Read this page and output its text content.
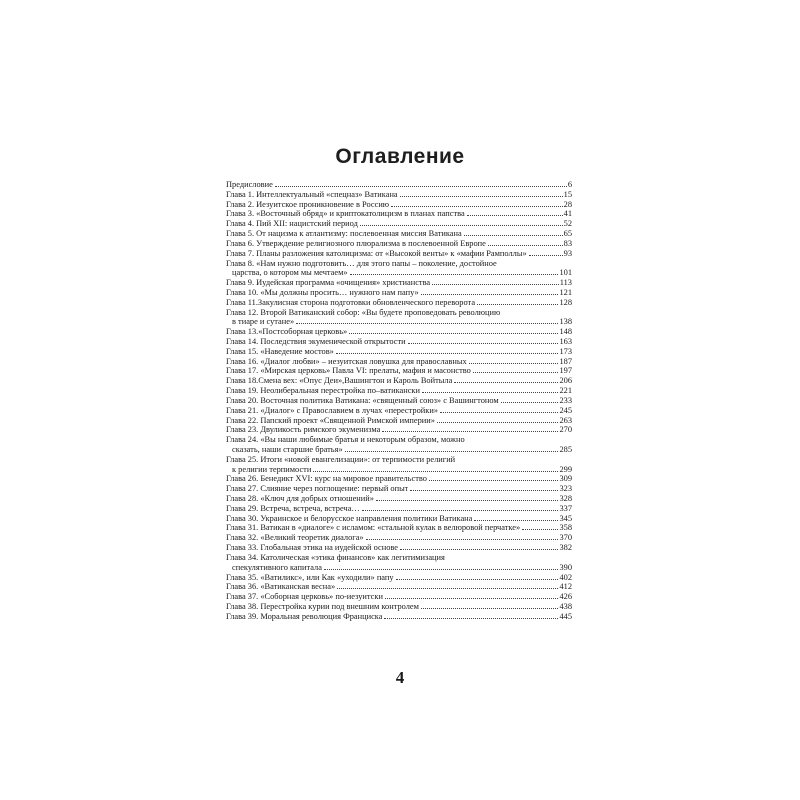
Оглавление
Предисловие	6
Глава 1. Интеллектуальный «спецназ» Ватикана	15
Глава 2. Иезуитское проникновение в Россию	28
Глава 3. «Восточный обряд» и криптокатолицизм в планах папства	41
Глава 4. Пий XII: нацистский период	52
Глава 5. От нацизма к атлантизму: послевоенная миссия Ватикана	65
Глава 6. Утверждение религиозного плюрализма в послевоенной Европе	83
Глава 7. Планы разложения католицизма: от «Высокой венты» к «мафии Рамполлы»	93
Глава 8. «Нам нужно подготовить… для этого папы – поколение, достойное
царства, о котором мы мечтаем»	101
Глава 9. Иудейская программа «очищения» христианства	113
Глава 10. «Мы должны просить… нужного нам папу»	121
Глава 11.Закулисная сторона подготовки обновленческого переворота	128
Глава 12. Второй Ватиканский собор: «Вы будете проповедовать революцию
в тиаре и сутане»	138
Глава 13.«Постсоборная церковь»	148
Глава 14. Последствия экуменической открытости	163
Глава 15. «Наведение мостов»	173
Глава 16. «Диалог любви» – иезуитская ловушка для православных	187
Глава 17. «Мирская церковь» Павла VI: прелаты, мафия и масонство	197
Глава 18.Смена вех: «Опус Деи»,Вашингтон и Кароль Войтыла	206
Глава 19. Неолиберальная перестройка по–ватикански	221
Глава 20. Восточная политика Ватикана: «священный союз» с Вашингтоном	233
Глава 21. «Диалог» с Православием в лучах «перестройки»	245
Глава 22. Папский проект «Священной Римской империи»	263
Глава 23. Двуликость римского экуменизма	270
Глава 24. «Вы наши любимые братья и некоторым образом, можно
сказать, наши старшие братья»	285
Глава 25. Итоги «новой евангелизации»: от терпимости религий
к религии терпимости	299
Глава 26. Бенедикт XVI: курс на мировое правительство	309
Глава 27. Слияние через поглощение: первый опыт	323
Глава 28. «Ключ для добрых отношений»	328
Глава 29. Встреча, встреча, встреча…	337
Глава 30. Украинское и белорусское направления политики Ватикана	345
Глава 31. Ватикан в «диалоге» с исламом: «стальной кулак в велюровой перчатке»	358
Глава 32. «Великий теоретик диалога»	370
Глава 33. Глобальная этика на иудейской основе	382
Глава 34. Католическая «этика финансов» как легитимизация
спекулятивного капитала	390
Глава 35. «Ватиликс», или Как «уходили» папу	402
Глава 36. «Ватиканская весна»	412
Глава 37. «Соборная церковь» по-иезуитски	426
Глава 38. Перестройка курии под внешним контролем	438
Глава 39. Моральная революция Франциска	445
4
